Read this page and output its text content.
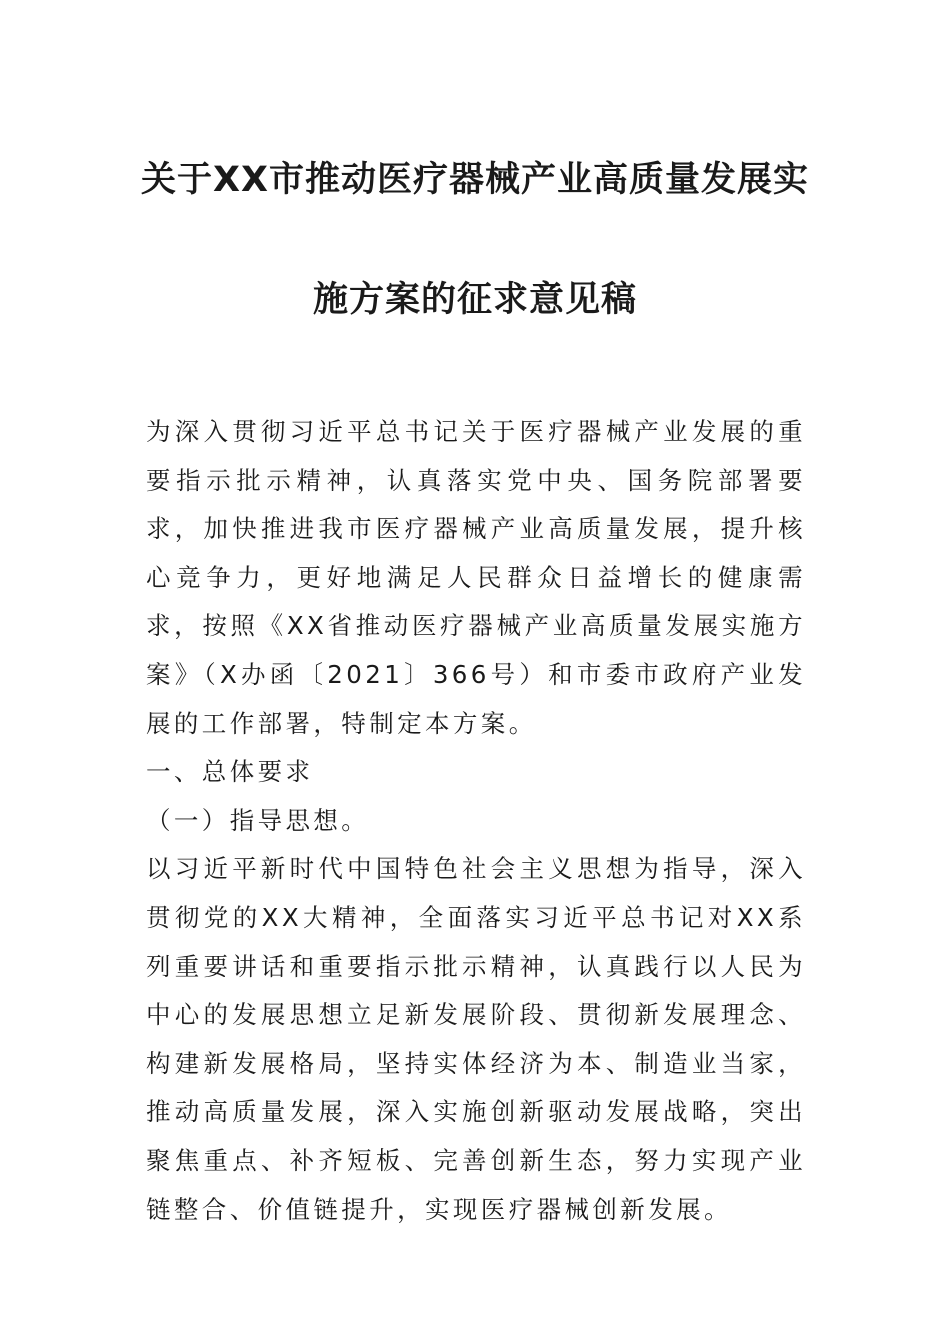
关于XX市推动医疗器械产业高质量发展实
施方案的征求意见稿

为深入贯彻习近平总书记关于医疗器械产业发展的重要指示批示精神，认真落实党中央、国务院部署要求，加快推进我市医疗器械产业高质量发展，提升核心竞争力，更好地满足人民群众日益增长的健康需求，按照《XX省推动医疗器械产业高质量发展实施方案》（X办函〔2021〕366号）和市委市政府产业发展的工作部署，特制定本方案。

一、总体要求

（一）指导思想。

以习近平新时代中国特色社会主义思想为指导，深入贯彻党的XX大精神，全面落实习近平总书记对XX系列重要讲话和重要指示批示精神，认真践行以人民为中心的发展思想立足新发展阶段、贯彻新发展理念、构建新发展格局，坚持实体经济为本、制造业当家，推动高质量发展，深入实施创新驱动发展战略，突出聚焦重点、补齐短板、完善创新生态，努力实现产业链整合、价值链提升，实现医疗器械创新发展。
